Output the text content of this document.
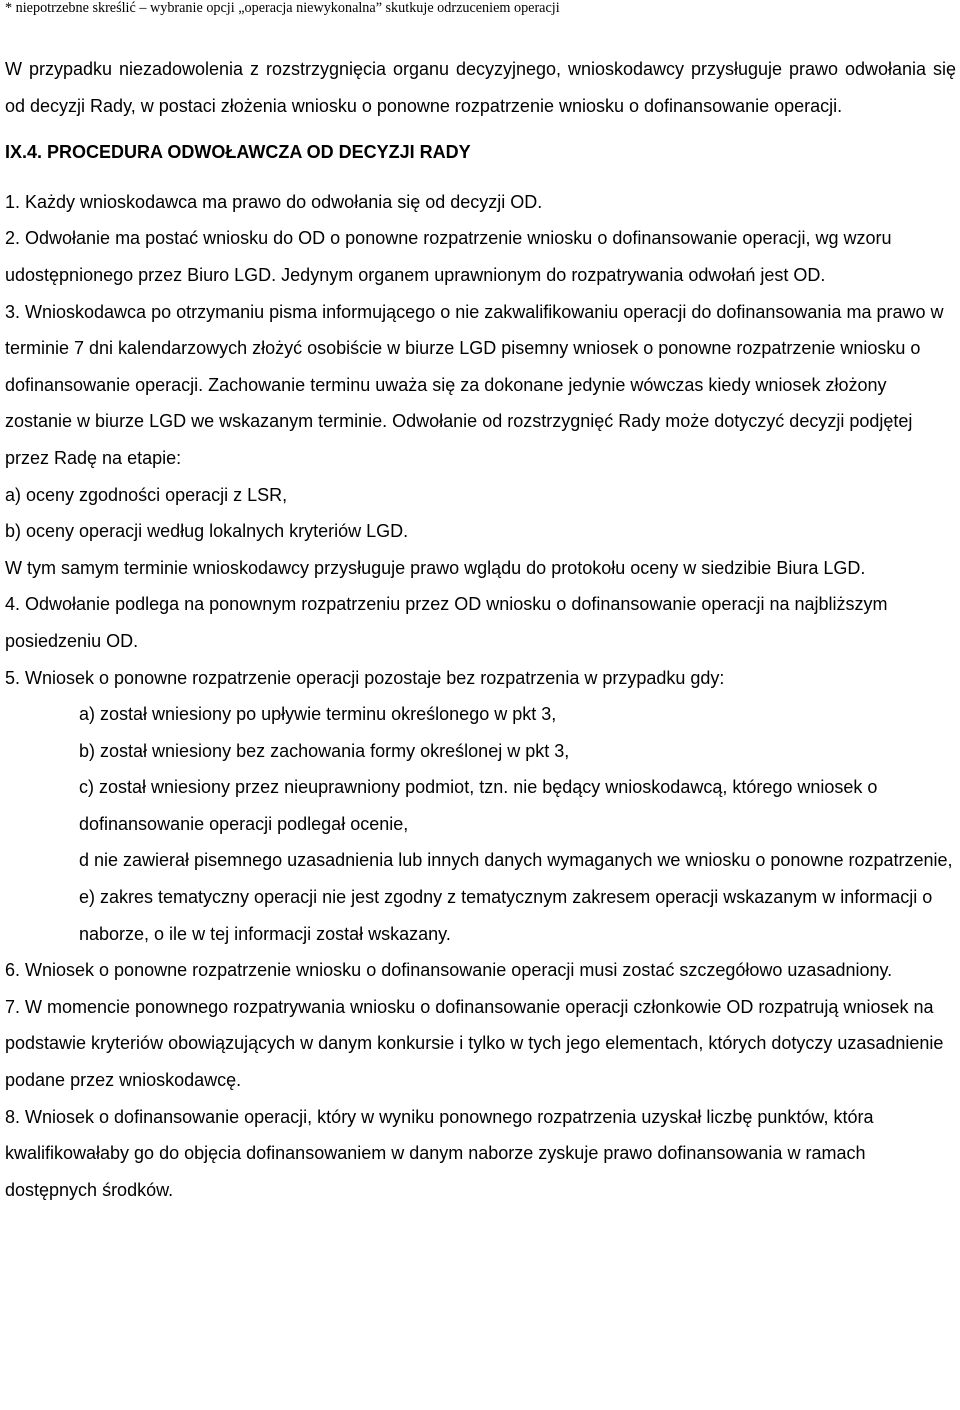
* niepotrzebne skreślić – wybranie opcji „operacja niewykonalna” skutkuje odrzuceniem operacji

W przypadku niezadowolenia z rozstrzygnięcia organu decyzyjnego, wnioskodawcy przysługuje prawo odwołania się od decyzji Rady, w postaci złożenia wniosku o ponowne rozpatrzenie wniosku o dofinansowanie operacji.

IX.4. PROCEDURA ODWOŁAWCZA OD DECYZJI RADY

1. Każdy wnioskodawca ma prawo do odwołania się od decyzji OD.

2. Odwołanie ma postać wniosku do OD o ponowne rozpatrzenie wniosku o dofinansowanie operacji, wg wzoru udostępnionego przez Biuro LGD. Jedynym organem uprawnionym do rozpatrywania odwołań jest OD.

3. Wnioskodawca po otrzymaniu pisma informującego o nie zakwalifikowaniu operacji do dofinansowania ma prawo w terminie 7 dni kalendarzowych złożyć osobiście w biurze LGD pisemny wniosek o ponowne rozpatrzenie wniosku o dofinansowanie operacji. Zachowanie terminu uważa się za dokonane jedynie wówczas kiedy wniosek złożony zostanie w biurze LGD we wskazanym terminie. Odwołanie od rozstrzygnięć Rady może dotyczyć decyzji podjętej przez Radę na etapie:

a) oceny zgodności operacji z LSR,

b) oceny operacji według lokalnych kryteriów LGD.

W tym samym terminie wnioskodawcy przysługuje prawo wglądu do protokołu oceny w siedzibie Biura LGD.

4. Odwołanie podlega na ponownym rozpatrzeniu przez OD wniosku o dofinansowanie operacji na najbliższym posiedzeniu OD.

5. Wniosek o ponowne rozpatrzenie operacji pozostaje bez rozpatrzenia w przypadku gdy:

a) został wniesiony po upływie terminu określonego w pkt 3,

b) został wniesiony bez zachowania formy określonej w pkt 3,

c) został wniesiony przez nieuprawniony podmiot, tzn. nie będący wnioskodawcą, którego wniosek o dofinansowanie operacji podlegał ocenie,

d nie zawierał pisemnego uzasadnienia lub innych danych wymaganych we wniosku o ponowne rozpatrzenie,

e) zakres tematyczny operacji nie jest zgodny z tematycznym zakresem operacji wskazanym w informacji o naborze, o ile w tej informacji został wskazany.

6. Wniosek o ponowne rozpatrzenie wniosku o dofinansowanie operacji musi zostać szczegółowo uzasadniony.

7. W momencie ponownego rozpatrywania wniosku o dofinansowanie operacji członkowie OD rozpatrują wniosek na podstawie kryteriów obowiązujących w danym konkursie i tylko w tych jego elementach, których dotyczy uzasadnienie podane przez wnioskodawcę.

8. Wniosek o dofinansowanie operacji, który w wyniku ponownego rozpatrzenia uzyskał liczbę punktów, która kwalifikowałaby go do objęcia dofinansowaniem w danym naborze zyskuje prawo dofinansowania w ramach dostępnych środków.
